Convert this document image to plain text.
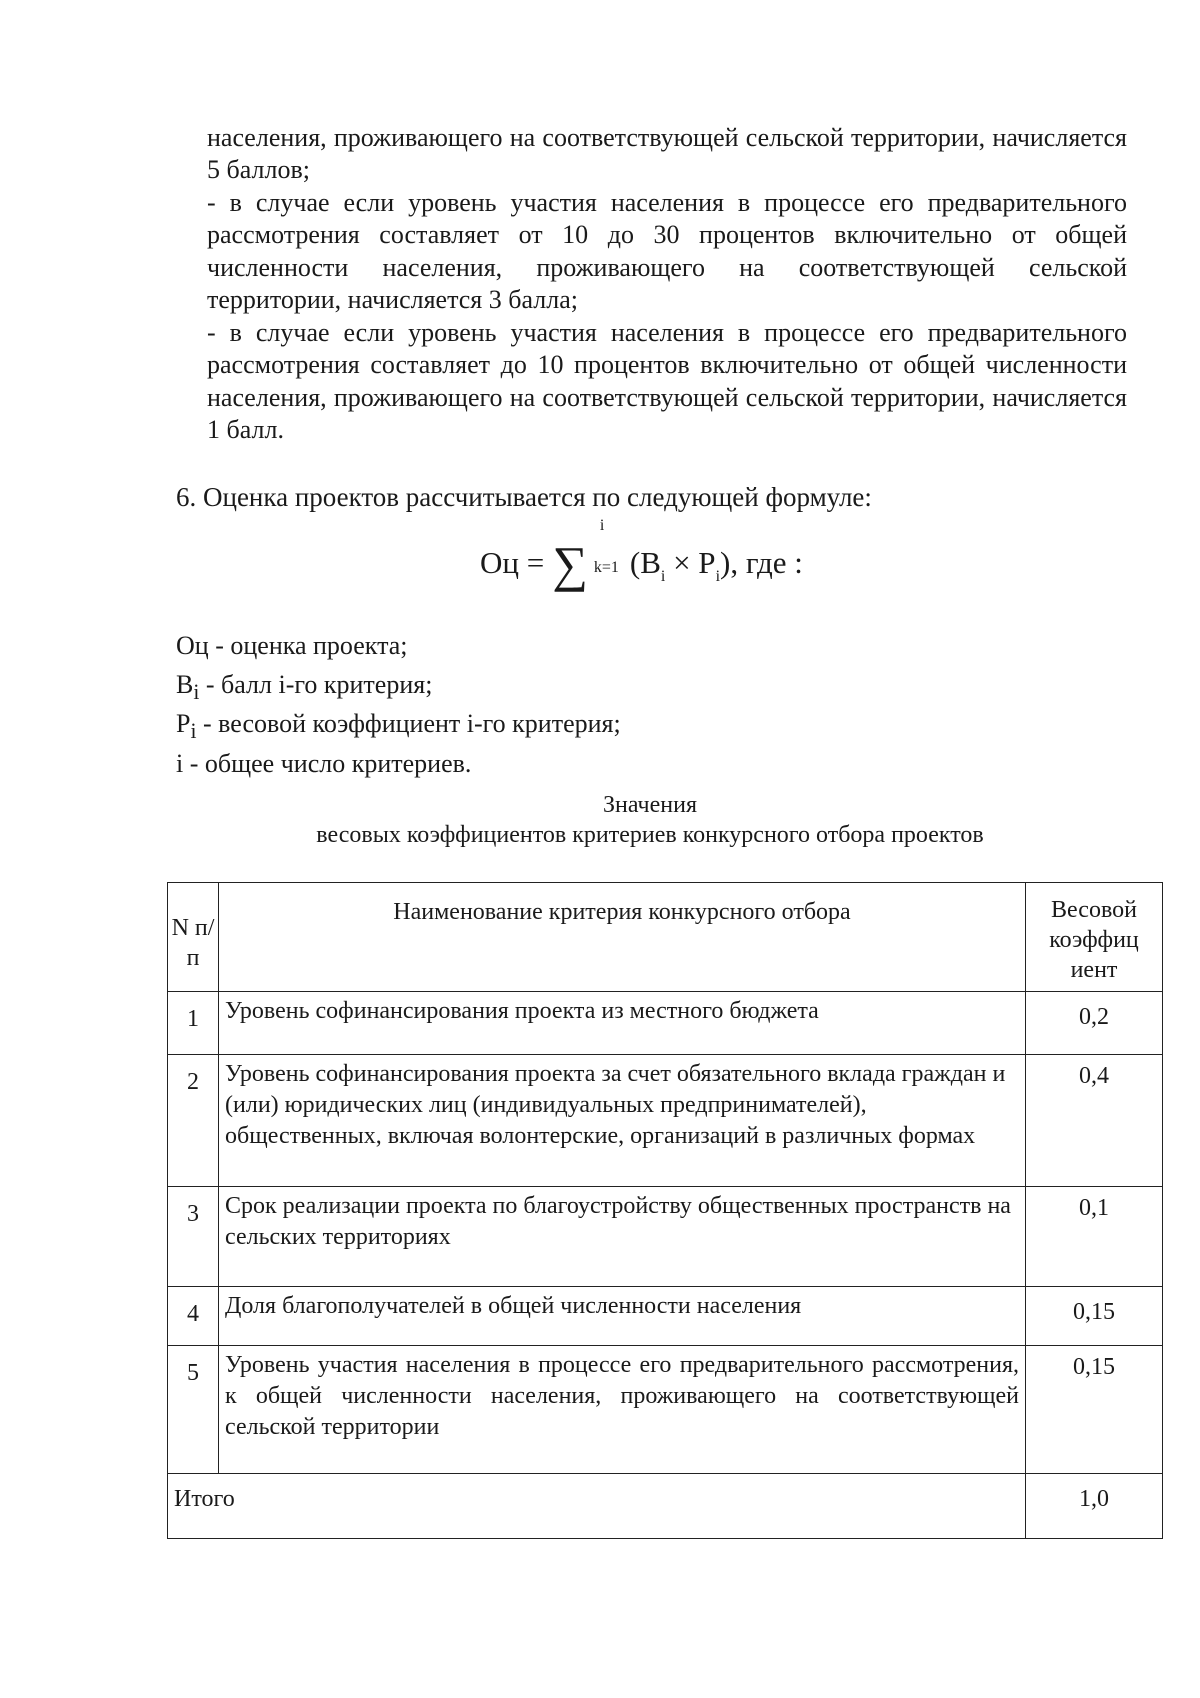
населения, проживающего на соответствующей сельской территории, начисляется 5 баллов;

- в случае если уровень участия населения в процессе его предварительного рассмотрения составляет от 10 до 30 процентов включительно от общей численности населения, проживающего на соответствующей сельской территории, начисляется 3 балла;

- в случае если уровень участия населения в процессе его предварительного рассмотрения составляет до 10 процентов включительно от общей численности населения, проживающего на соответствующей сельской территории, начисляется 1 балл.

6. Оценка проектов рассчитывается по следующей формуле:

Оц = ∑
i
k=1 $(В_i \times Р_i)$, где :
Оц - оценка проекта;
$В_i$ - балл i-го критерия;
$Р_i$ - весовой коэффициент i-го критерия;
i - общее число критериев.
Значения
весовых коэффициентов критериев конкурсного отбора проектов
N п/п	Наименование критерия конкурсного отбора	Весовой коэффиц иент
1	Уровень софинансирования проекта из местного бюджета	0,2
2	Уровень софинансирования проекта за счет обязательного вклада граждан и (или) юридических лиц (индивидуальных предпринимателей), общественных, включая волонтерские, организаций в различных формах	0,4
3	Срок реализации проекта по благоустройству общественных пространств на сельских территориях	0,1
4	Доля благополучателей в общей численности населения	0,15
5	Уровень участия населения в процессе его предварительного рассмотрения, к общей численности населения, проживающего на соответствующей сельской территории	0,15
Итого		1,0
